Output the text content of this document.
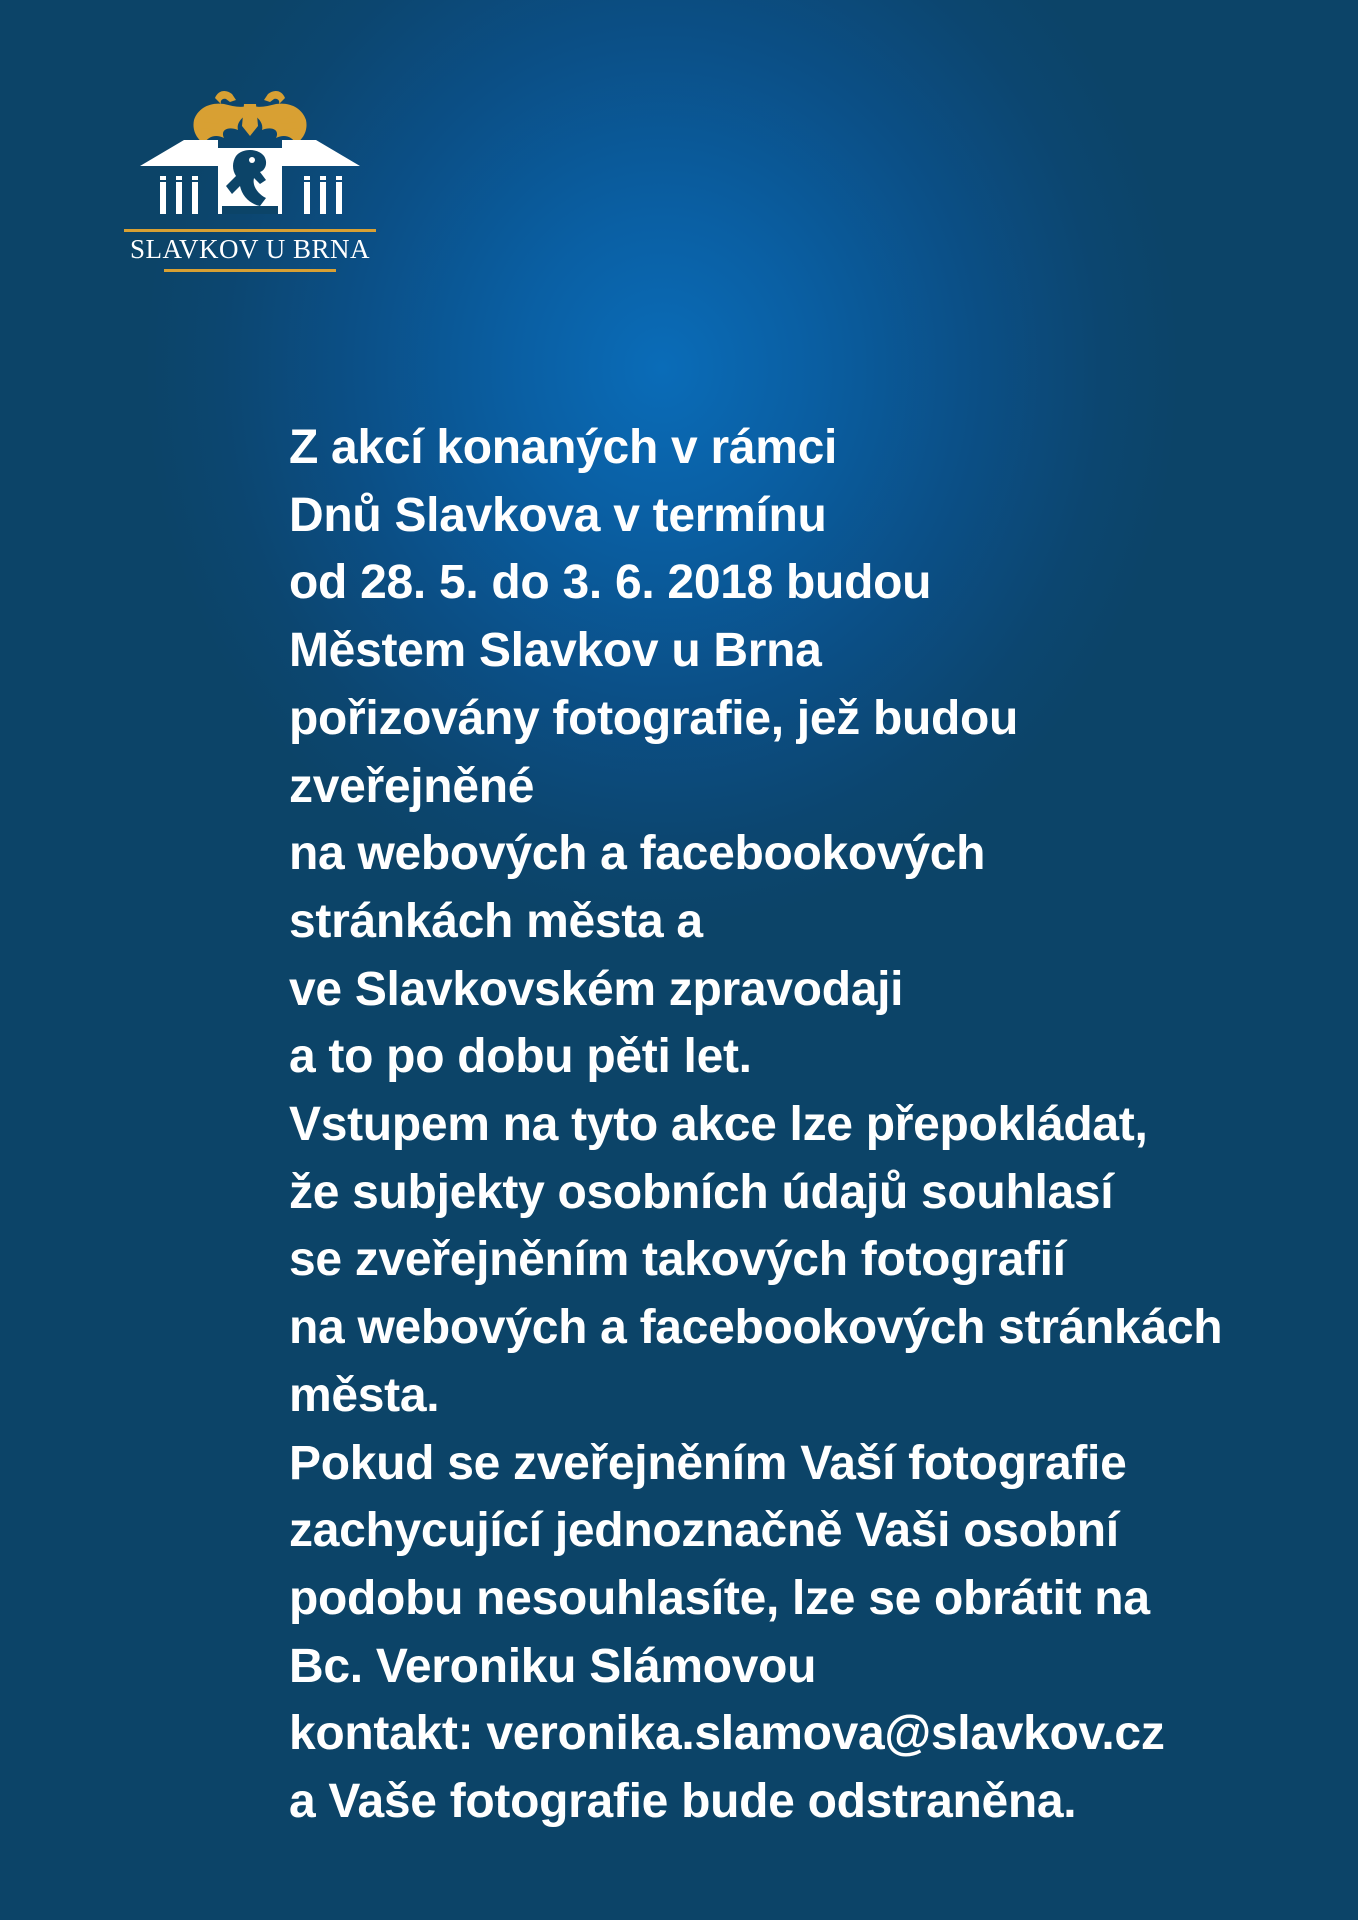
SLAVKOV U BRNA
Z akcí konaných v rámci
Dnů Slavkova v termínu
od 28. 5. do 3. 6. 2018 budou
Městem Slavkov u Brna
pořizovány fotografie, jež budou
zveřejněné
na webových a facebookových
stránkách města a
ve Slavkovském zpravodaji
a to po dobu pěti let.
Vstupem na tyto akce lze přepokládat,
že subjekty osobních údajů souhlasí
se zveřejněním takových fotografií
na webových a facebookových stránkách
města.
Pokud se zveřejněním Vaší fotografie
zachycující jednoznačně Vaši osobní
podobu nesouhlasíte, lze se obrátit na
Bc. Veroniku Slámovou
kontakt: veronika.slamova@slavkov.cz
a Vaše fotografie bude odstraněna.
